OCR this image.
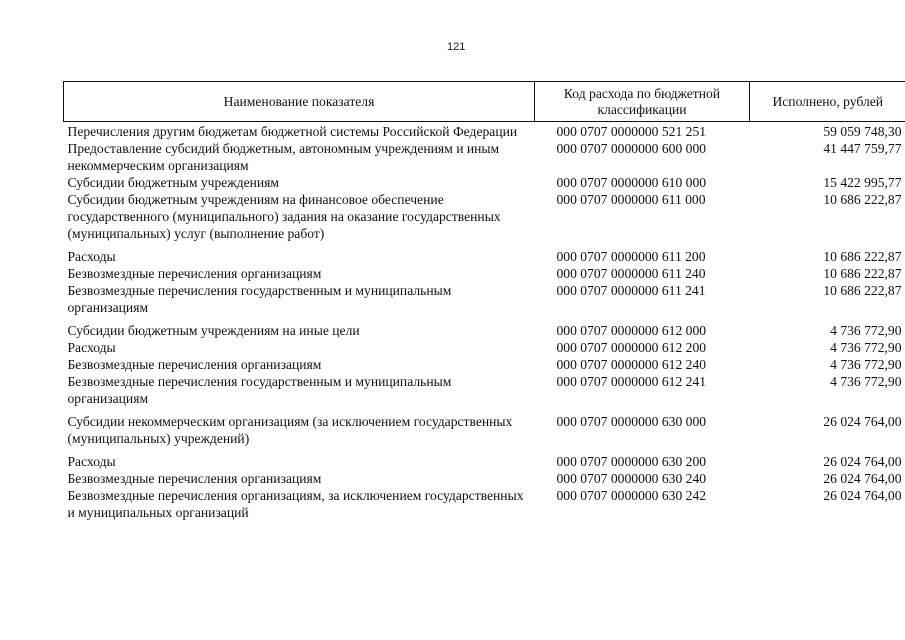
121
Наименование показателя	Код расхода по бюджетной классификации	Исполнено, рублей
Перечисления другим бюджетам бюджетной системы Российской Федерации	000 0707 0000000 521 251	59 059 748,30
Предоставление субсидий бюджетным, автономным учреждениям и иным некоммерческим организациям	000 0707 0000000 600 000	41 447 759,77
Субсидии бюджетным учреждениям	000 0707 0000000 610 000	15 422 995,77
Субсидии бюджетным учреждениям на финансовое обеспечение государственного (муниципального) задания на оказание государственных (муниципальных) услуг (выполнение работ)	000 0707 0000000 611 000	10 686 222,87
Расходы	000 0707 0000000 611 200	10 686 222,87
Безвозмездные перечисления организациям	000 0707 0000000 611 240	10 686 222,87
Безвозмездные перечисления государственным и муниципальным организациям	000 0707 0000000 611 241	10 686 222,87
Субсидии бюджетным учреждениям на иные цели	000 0707 0000000 612 000	4 736 772,90
Расходы	000 0707 0000000 612 200	4 736 772,90
Безвозмездные перечисления организациям	000 0707 0000000 612 240	4 736 772,90
Безвозмездные перечисления государственным и муниципальным организациям	000 0707 0000000 612 241	4 736 772,90
Субсидии некоммерческим организациям (за исключением государственных (муниципальных) учреждений)	000 0707 0000000 630 000	26 024 764,00
Расходы	000 0707 0000000 630 200	26 024 764,00
Безвозмездные перечисления организациям	000 0707 0000000 630 240	26 024 764,00
Безвозмездные перечисления организациям, за исключением государственных и муниципальных организаций	000 0707 0000000 630 242	26 024 764,00
